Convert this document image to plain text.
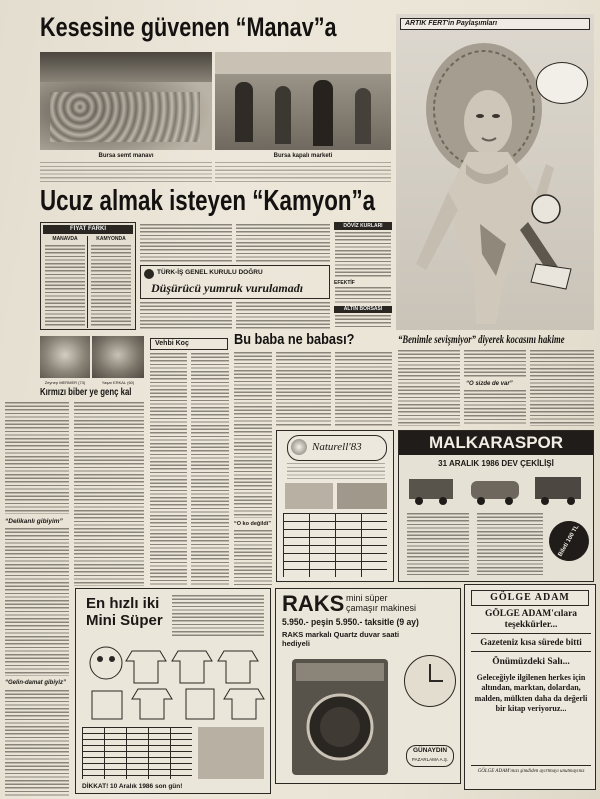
Kesesine güvenen “Manav”a
Bursa semt manavı	Bursa kapalı marketi
Ucuz almak isteyen “Kamyon”a
FİYAT FARKI
MANAVDA	KAMYONDA
TÜRK-İŞ GENEL KURULU DOĞRU
Düşürücü yumruk vurulamadı
DÖVİZ KURLARI
EFEKTİF
ALTIN BORSASI
ARTIK FERT'in Paylaşımları
Zeynep MERMER (73)	Yaşar ERKAL (60)
Kırmızı biber ye genç kal
“Delikanlı gibiyim”
“Gelin-damat gibiyiz”
Vehbi Koç	Bu baba ne babası?
“O ko değildi”
Naturell'83
“Benimle sevişmiyor” diyerek kocasını hakime
“O sizde de var”
MALKARASPOR
31 ARALIK 1986 DEV ÇEKİLİŞİ
Bileti 100 TL
En hızlı iki
Mini Süper
DİKKAT! 10 Aralık 1986 son gün!
RAKS mini süper
çamaşır makinesi
5.950.- peşin 5.950.- taksitle (9 ay)
RAKS markalı Quartz duvar saati hediyeli
GÜNAYDIN
PAZARLAMA A.Ş.
GÖLGE ADAM
GÖLGE ADAM'cılara teşekkürler...
Gazeteniz kısa sürede bitti
Önümüzdeki Salı...
Geleceğiyle ilgilenen herkes için altından, marktan, dolardan, malden, mülkten daha da değerli bir kitap veriyoruz...
GÖLGE ADAM'ınızı şimdiden ayırtmayı unutmayınız
